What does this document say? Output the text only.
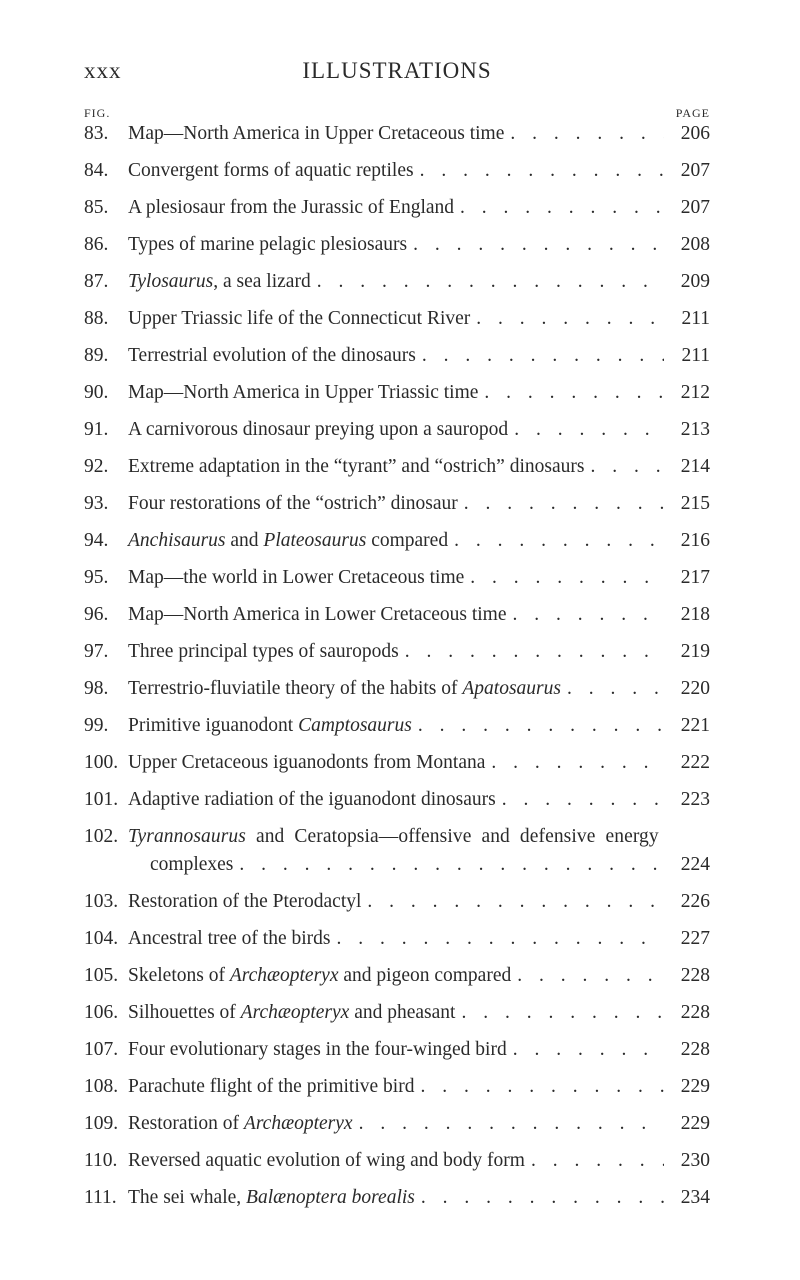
xxx	ILLUSTRATIONS
FIG.	PAGE
83.	Map—North America in Upper Cretaceous time . . .	206
84.	Convergent forms of aquatic reptiles . . .	207
85.	A plesiosaur from the Jurassic of England . . .	207
86.	Types of marine pelagic plesiosaurs . . .	208
87.	Tylosaurus, a sea lizard . . .	209
88.	Upper Triassic life of the Connecticut River . . .	211
89.	Terrestrial evolution of the dinosaurs . . .	211
90.	Map—North America in Upper Triassic time . . .	212
91.	A carnivorous dinosaur preying upon a sauropod . . .	213
92.	Extreme adaptation in the “tyrant” and “ostrich” dinosaurs . . .	214
93.	Four restorations of the “ostrich” dinosaur . . .	215
94.	Anchisaurus and Plateosaurus compared . . .	216
95.	Map—the world in Lower Cretaceous time . . .	217
96.	Map—North America in Lower Cretaceous time . . .	218
97.	Three principal types of sauropods . . .	219
98.	Terrestrio-fluviatile theory of the habits of Apatosaurus . . .	220
99.	Primitive iguanodont Camptosaurus . . .	221
100. Upper Cretaceous iguanodonts from Montana . . .	222
101. Adaptive radiation of the iguanodont dinosaurs . . .	223
102. Tyrannosaurus and Ceratopsia—offensive and defensive energy
complexes . . .	224
103. Restoration of the Pterodactyl . . .	226
104. Ancestral tree of the birds . . .	227
105. Skeletons of Archæopteryx and pigeon compared . . .	228
106. Silhouettes of Archæopteryx and pheasant . . .	228
107. Four evolutionary stages in the four-winged bird . . .	228
108. Parachute flight of the primitive bird . . .	229
109. Restoration of Archæopteryx . . .	229
110. Reversed aquatic evolution of wing and body form . . .	230
111. The sei whale, Balænoptera borealis . . .	234
